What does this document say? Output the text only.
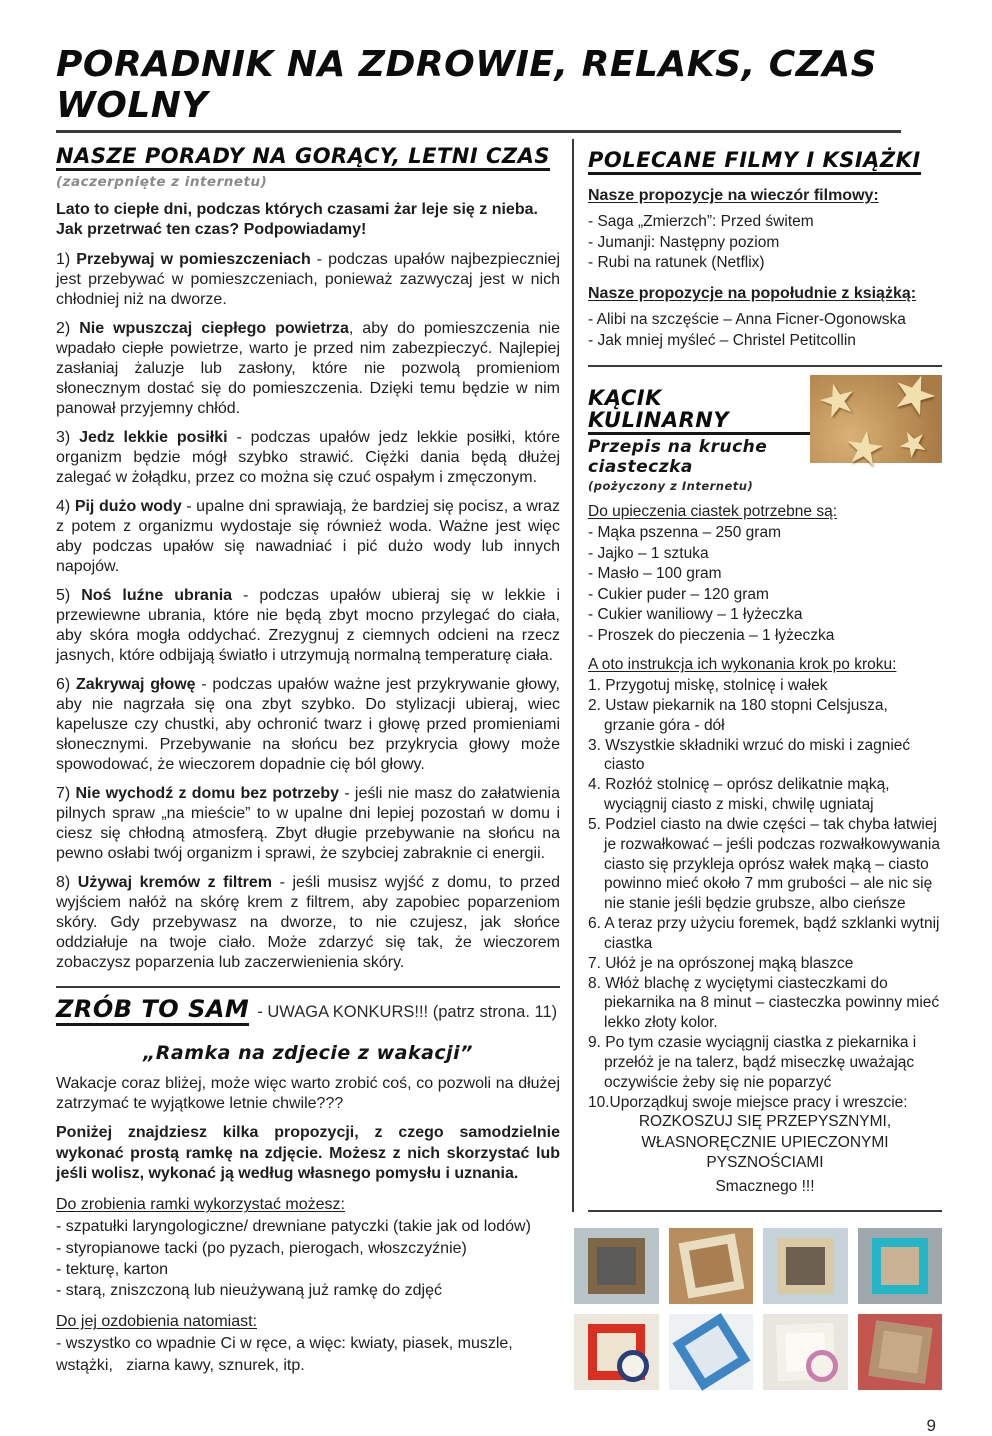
PORADNIK NA ZDROWIE, RELAKS, CZAS WOLNY
NASZE PORADY NA GORĄCY, LETNI CZAS
(zaczerpnięte z internetu)

Lato to ciepłe dni, podczas których czasami żar leje się z nieba. Jak przetrwać ten czas? Podpowiadamy!

1) Przebywaj w pomieszczeniach - podczas upałów najbezpieczniej jest przebywać w pomieszczeniach, ponieważ zazwyczaj jest w nich chłodniej niż na dworze.

2) Nie wpuszczaj ciepłego powietrza, aby do pomieszczenia nie wpadało ciepłe powietrze, warto je przed nim zabezpieczyć. Najlepiej zasłaniaj żaluzje lub zasłony, które nie pozwolą promieniom słonecznym dostać się do pomieszczenia. Dzięki temu będzie w nim panował przyjemny chłód.

3) Jedz lekkie posiłki - podczas upałów jedz lekkie posiłki, które organizm będzie mógł szybko strawić. Ciężki dania będą dłużej zalegać w żołądku, przez co można się czuć ospałym i zmęczonym.

4) Pij dużo wody - upalne dni sprawiają, że bardziej się pocisz, a wraz z potem z organizmu wydostaje się również woda. Ważne jest więc aby podczas upałów się nawadniać i pić dużo wody lub innych napojów.

5) Noś luźne ubrania - podczas upałów ubieraj się w lekkie i przewiewne ubrania, które nie będą zbyt mocno przylegać do ciała, aby skóra mogła oddychać. Zrezygnuj z ciemnych odcieni na rzecz jasnych, które odbijają światło i utrzymują normalną temperaturę ciała.

6) Zakrywaj głowę - podczas upałów ważne jest przykrywanie głowy, aby nie nagrzała się ona zbyt szybko. Do stylizacji ubieraj, wiec kapelusze czy chustki, aby ochronić twarz i głowę przed promieniami słonecznymi. Przebywanie na słońcu bez przykrycia głowy może spowodować, że wieczorem dopadnie cię ból głowy.

7) Nie wychodź z domu bez potrzeby - jeśli nie masz do załatwienia pilnych spraw „na mieście” to w upalne dni lepiej pozostań w domu i ciesz się chłodną atmosferą. Zbyt długie przebywanie na słońcu na pewno osłabi twój organizm i sprawi, że szybciej zabraknie ci energii.

8) Używaj kremów z filtrem - jeśli musisz wyjść z domu, to przed wyjściem nałóż na skórę krem z filtrem, aby zapobiec poparzeniom skóry. Gdy przebywasz na dworze, to nie czujesz, jak słońce oddziałuje na twoje ciało. Może zdarzyć się tak, że wieczorem zobaczysz poparzenia lub zaczerwienienia skóry.

ZRÓB TO SAM - UWAGA KONKURS!!! (patrz strona. 11)
„Ramka na zdjecie z wakacji”

Wakacje coraz bliżej, może więc warto zrobić coś, co pozwoli na dłużej zatrzymać te wyjątkowe letnie chwile???

Poniżej znajdziesz kilka propozycji, z czego samodzielnie wykonać prostą ramkę na zdjęcie. Możesz z nich skorzystać lub jeśli wolisz, wykonać ją według własnego pomysłu i uznania.

Do zrobienia ramki wykorzystać możesz:
- szpatułki laryngologiczne/ drewniane patyczki (takie jak od lodów)
- styropianowe tacki (po pyzach, pierogach, włoszczyźnie)
- tekturę, karton
- starą, zniszczoną lub nieużywaną już ramkę do zdjęć
Do jej ozdobienia natomiast:
- wszystko co wpadnie Ci w ręce, a więc: kwiaty, piasek, muszle, wstążki,   ziarna kawy, sznurek, itp.
POLECANE FILMY I KSIĄŻKI
Nasze propozycje na wieczór filmowy:
- Saga „Zmierzch”: Przed świtem
- Jumanji: Następny poziom
- Rubi na ratunek (Netflix)
Nasze propozycje na popołudnie z książką:
- Alibi na szczęście – Anna Ficner-Ogonowska
- Jak mniej myśleć – Christel Petitcollin
KĄCIK KULINARNY
Przepis na kruche ciasteczka
(pożyczony z Internetu)
★ ★
★ ★
Do upieczenia ciastek potrzebne są:
- Mąka pszenna – 250 gram
- Jajko – 1 sztuka
- Masło – 100 gram
- Cukier puder – 120 gram
- Cukier waniliowy – 1 łyżeczka
- Proszek do pieczenia – 1 łyżeczka
A oto instrukcja ich wykonania krok po kroku:
1. Przygotuj miskę, stolnicę i wałek
2. Ustaw piekarnik na 180 stopni Celsjusza, grzanie góra - dół
3. Wszystkie składniki wrzuć do miski i zagnieć ciasto
4. Rozłóż stolnicę – oprósz delikatnie mąką, wyciągnij ciasto z miski, chwilę ugniataj
5. Podziel ciasto na dwie części – tak chyba łatwiej je rozwałkować – jeśli podczas rozwałkowywania ciasto się przykleja oprósz wałek mąką – ciasto powinno mieć około 7 mm grubości – ale nic się nie stanie jeśli będzie grubsze, albo cieńsze
6. A teraz przy użyciu foremek, bądź szklanki wytnij ciastka
7. Ułóż je na oprószonej mąką blaszce
8. Włóż blachę z wyciętymi ciasteczkami do piekarnika na 8 minut – ciasteczka powinny mieć lekko złoty kolor.
9. Po tym czasie wyciągnij ciastka z piekarnika i przełóż je na talerz, bądź miseczkę uważając oczywiście żeby się nie poparzyć
10.Uporządkuj swoje miejsce pracy i wreszcie:
ROZKOSZUJ SIĘ PRZEPYSZNYMI,
WŁASNORĘCZNIE UPIECZONYMI
PYSZNOŚCIAMI
Smacznego !!!
9
